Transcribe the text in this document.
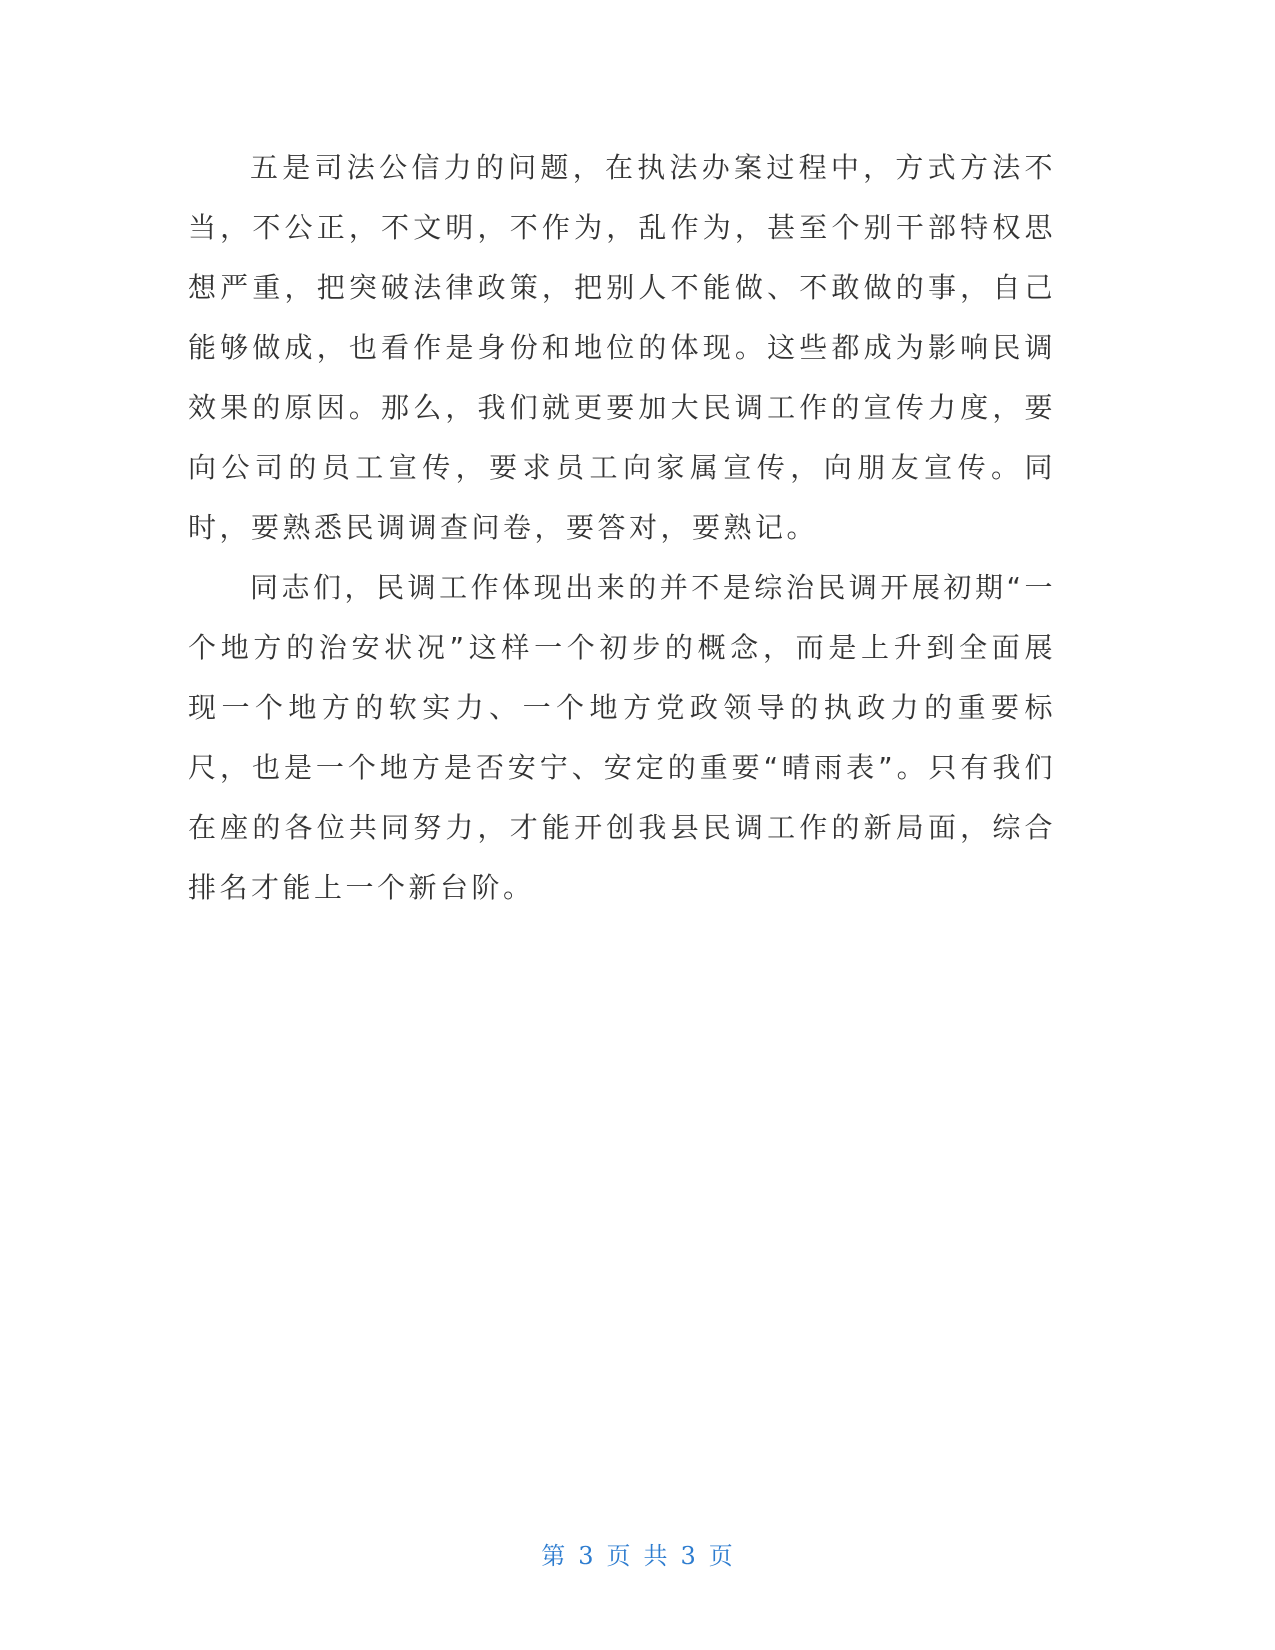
五是司法公信力的问题，在执法办案过程中，方式方法不当，不公正，不文明，不作为，乱作为，甚至个别干部特权思想严重，把突破法律政策，把别人不能做、不敢做的事，自己能够做成，也看作是身份和地位的体现。这些都成为影响民调效果的原因。那么，我们就更要加大民调工作的宣传力度，要向公司的员工宣传，要求员工向家属宣传，向朋友宣传。同时，要熟悉民调调查问卷，要答对，要熟记。

同志们，民调工作体现出来的并不是综治民调开展初期“一个地方的治安状况”这样一个初步的概念，而是上升到全面展现一个地方的软实力、一个地方党政领导的执政力的重要标尺，也是一个地方是否安宁、安定的重要“晴雨表”。只有我们在座的各位共同努力，才能开创我县民调工作的新局面，综合排名才能上一个新台阶。

第 3 页 共 3 页
